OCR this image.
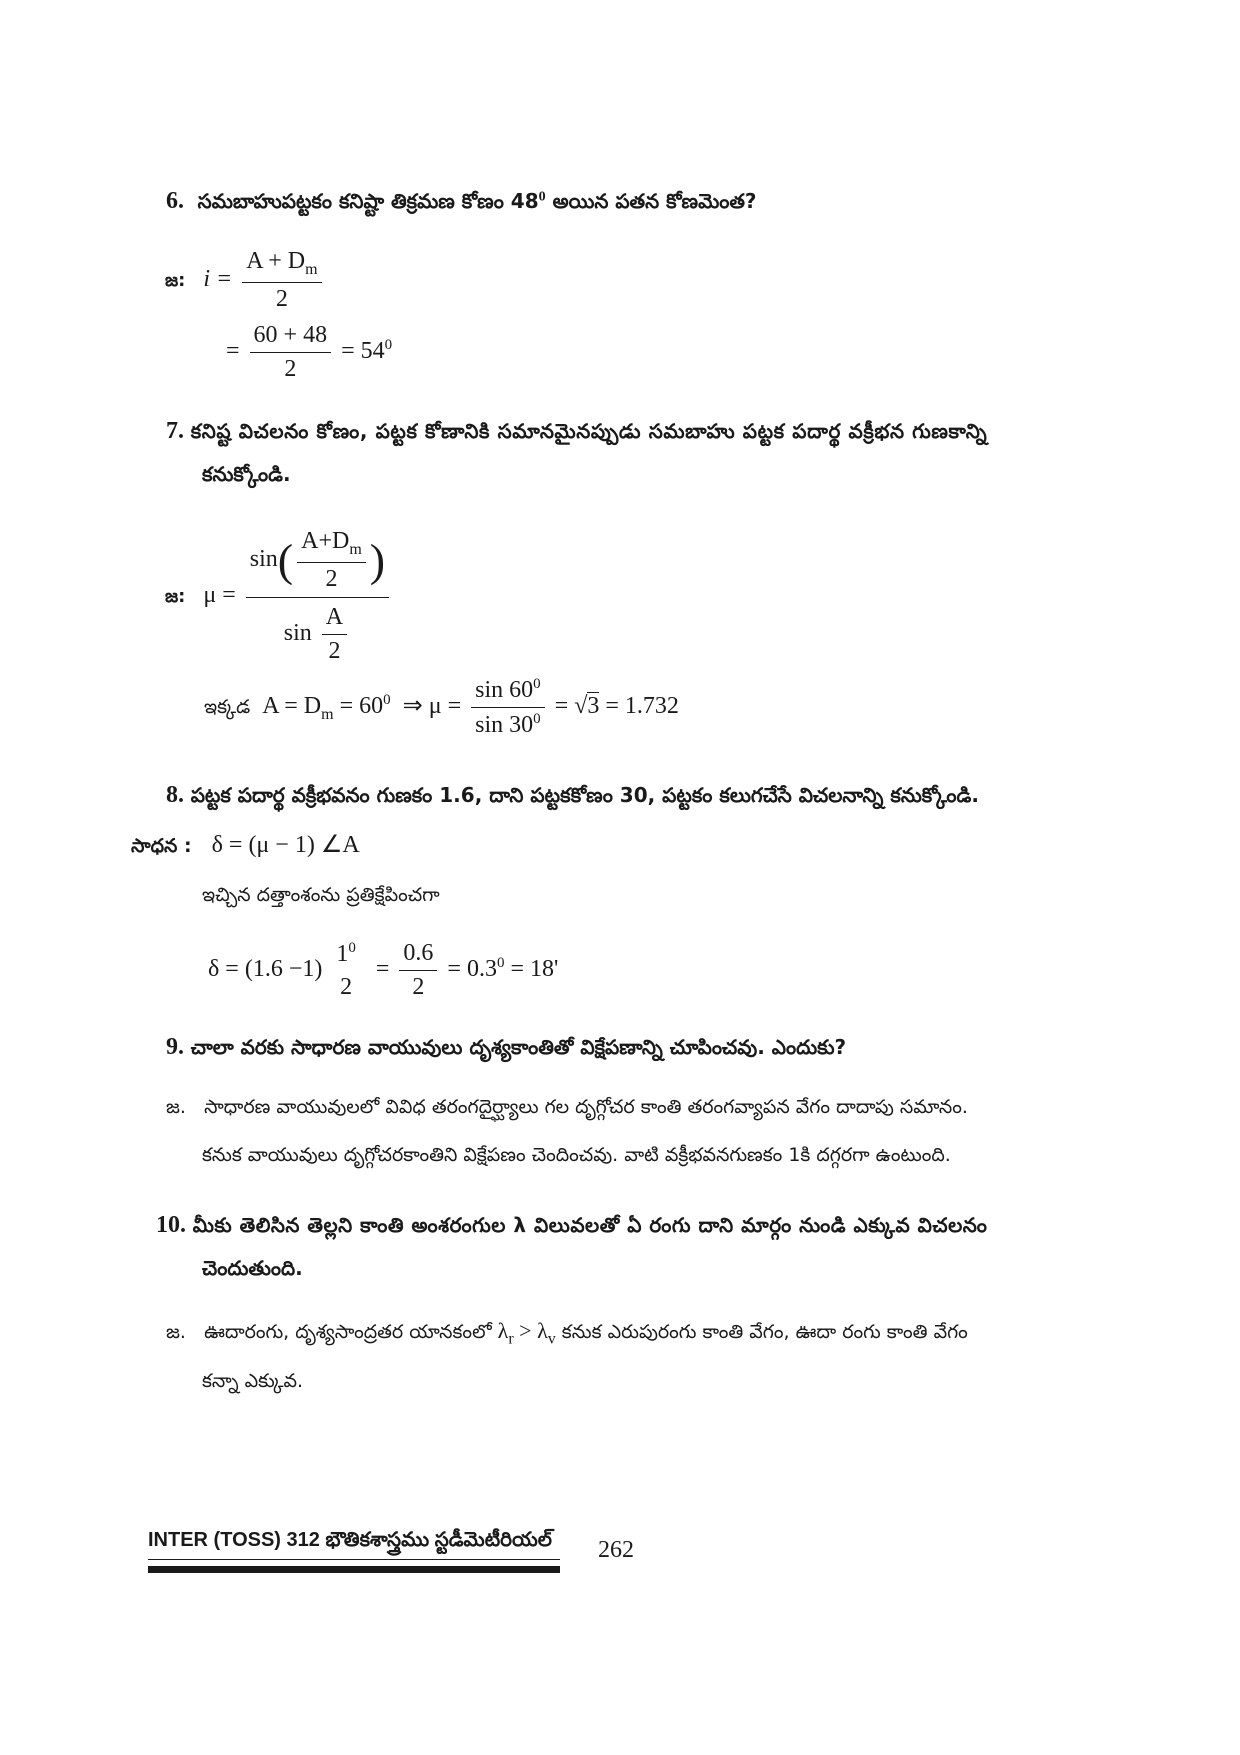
6. సమబాహుపట్టకం కనిష్టా తిక్రమణ కోణం $48^0$ అయిన పతన కోణమెంత?
జ: $i = \frac{A + D_m}{2}$
= $\frac{60 + 48}{2} = 54^0$
7. కనిష్ట విచలనం కోణం, పట్టక కోణానికి సమానమైనప్పుడు సమబాహు పట్టక పదార్థ వక్రీభన గుణకాన్ని
కనుక్కోండి.
జ: $\mu = \frac{\sin( \frac{A+D_m}{2} )}{\sin \frac{A}{2}}$
ఇక్కడ $A = D_m = 60^0$ ⇒ $\mu = \frac{\sin 60^0}{\sin 30^0} = √3 = 1.732$
8. పట్టక పదార్థ వక్రీభవనం గుణకం 1.6, దాని పట్టకకోణం 30, పట్టకం కలుగచేసే విచలనాన్ని కనుక్కోండి.
సాధన : δ = (μ − 1) ∠A
ఇచ్చిన దత్తాంశంను ప్రతిక్షేపించగా
δ = (1.6 −1)
$1^0$
2
= $\frac{0.6}{2} = 0.3^0 = 18'$
9. చాలా వరకు సాధారణ వాయువులు దృశ్యకాంతితో విక్షేపణాన్ని చూపించవు. ఎందుకు?
జ. సాధారణ వాయువులలో వివిధ తరంగదైర్ఘ్యాలు గల దృగ్గోచర కాంతి తరంగవ్యాపన వేగం దాదాపు సమానం.
కనుక వాయువులు దృగ్గోచరకాంతిని విక్షేపణం చెందించవు. వాటి వక్రీభవనగుణకం 1కి దగ్గరగా ఉంటుంది.
10. మీకు తెలిసిన తెల్లని కాంతి అంశరంగుల λ విలువలతో ఏ రంగు దాని మార్గం నుండి ఎక్కువ విచలనం
చెందుతుంది.
జ. ఊదారంగు, దృశ్యసాంద్రతర యానకంలో $\lambda_r > \lambda_v$ కనుక ఎరుపురంగు కాంతి వేగం, ఊదా రంగు కాంతి వేగం
కన్నా ఎక్కువ.
INTER (TOSS) 312 భౌతికశాస్త్రము స్టడీమెటీరియల్ 262
